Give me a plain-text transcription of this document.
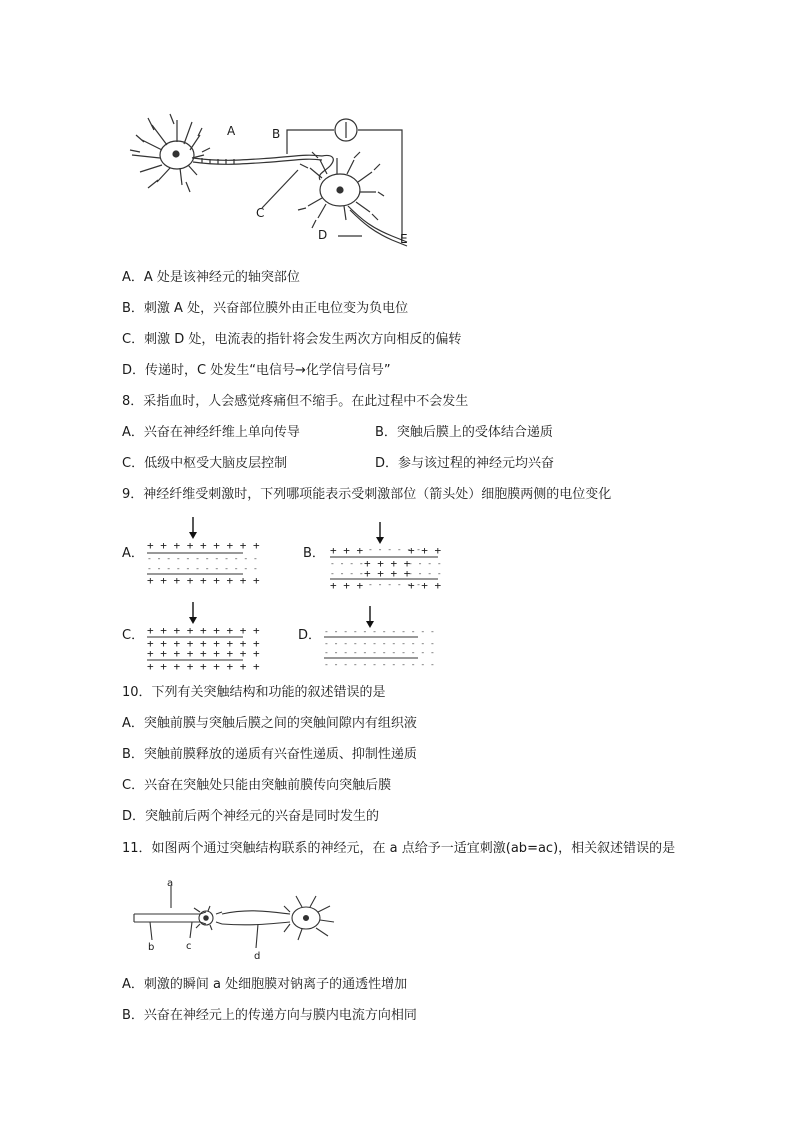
A	B
C
D	E
A．A 处是该神经元的轴突部位
B．刺激 A 处，兴奋部位膜外由正电位变为负电位
C．刺激 D 处，电流表的指针将会发生两次方向相反的偏转
D．传递时，C 处发生“电信号→化学信号信号”
8．采指血时，人会感觉疼痛但不缩手。在此过程中不会发生
A．兴奋在神经纤维上单向传导	B．突触后膜上的受体结合递质
C．低级中枢受大脑皮层控制	D．参与该过程的神经元均兴奋
9．神经纤维受刺激时，下列哪项能表示受刺激部位（箭头处）细胞膜两侧的电位变化
A．
+ + + + + + + + +
- - - - - - - - - - - -
- - - - - - - - - - - -
+ + + + + + + + +
B． + + + - - - - - -
+ + +
- - - - + + + +
- - - -
- - - - + + + +
- - - -
+ + + - - - - - -
+ + +
C． + + + + + + + + +
+ + + + + + + + +
+ + + + + + + + +
+ + + + + + + + +
D． - - - - - - - - - - - -
- - - - - - - - - - - -
- - - - - - - - - - - -
- - - - - - - - - - - -
10．下列有关突触结构和功能的叙述错误的是
A．突触前膜与突触后膜之间的突触间隙内有组织液
B．突触前膜释放的递质有兴奋性递质、抑制性递质
C．兴奋在突触处只能由突触前膜传向突触后膜
D．突触前后两个神经元的兴奋是同时发生的
11．如图两个通过突触结构联系的神经元，在 a 点给予一适宜刺激(ab=ac)，相关叙述错误的是
a
b	c
d
A．刺激的瞬间 a 处细胞膜对钠离子的通透性增加
B．兴奋在神经元上的传递方向与膜内电流方向相同
